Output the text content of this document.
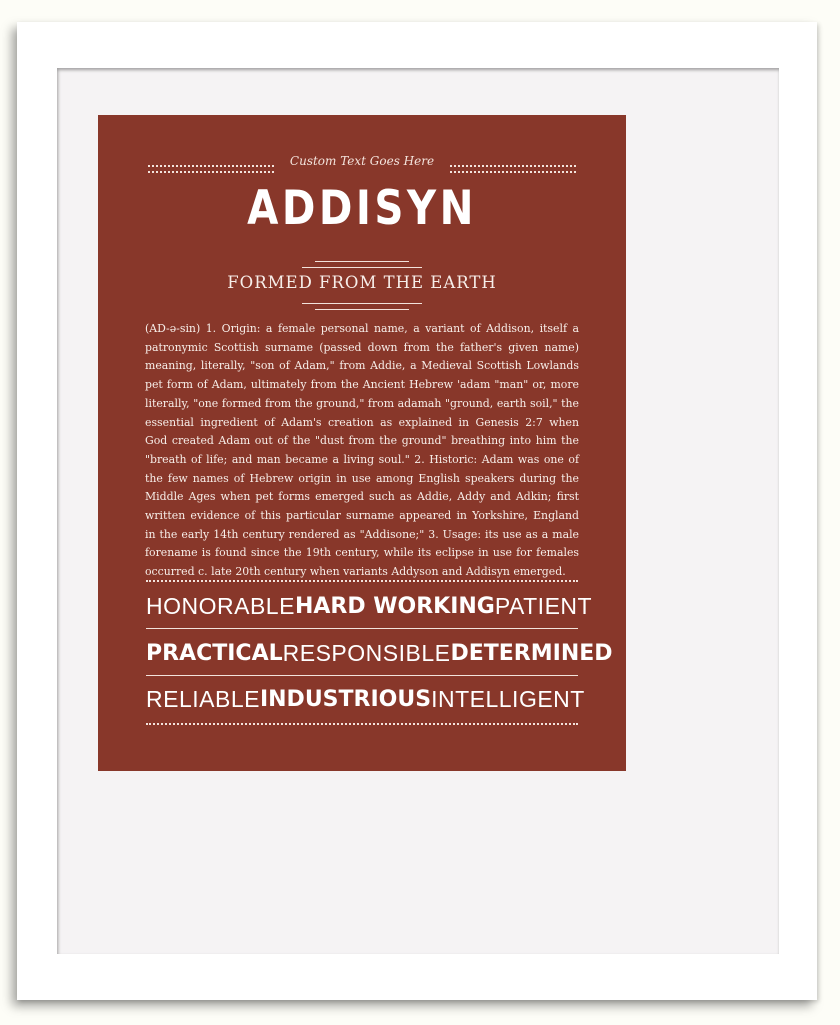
Custom Text Goes Here
ADDISYN
FORMED FROM THE EARTH
(AD-ə-sin) 1. Origin: a female personal name, a variant of Addison, itself a
patronymic Scottish surname (passed down from the father's given name)
meaning, literally, "son of Adam," from Addie, a Medieval Scottish Lowlands
pet form of Adam, ultimately from the Ancient Hebrew 'adam "man" or, more
literally, "one formed from the ground," from adamah "ground, earth soil," the
essential ingredient of Adam's creation as explained in Genesis 2:7 when
God created Adam out of the "dust from the ground" breathing into him the
"breath of life; and man became a living soul." 2. Historic: Adam was one of
the few names of Hebrew origin in use among English speakers during the
Middle Ages when pet forms emerged such as Addie, Addy and Adkin; first
written evidence of this particular surname appeared in Yorkshire, England
in the early 14th century rendered as "Addisone;" 3. Usage: its use as a male
forename is found since the 19th century, while its eclipse in use for females
occurred c. late 20th century when variants Addyson and Addisyn emerged.
HONORABLE HARD WORKING PATIENT
PRACTICAL RESPONSIBLE DETERMINED
RELIABLE INDUSTRIOUS INTELLIGENT
